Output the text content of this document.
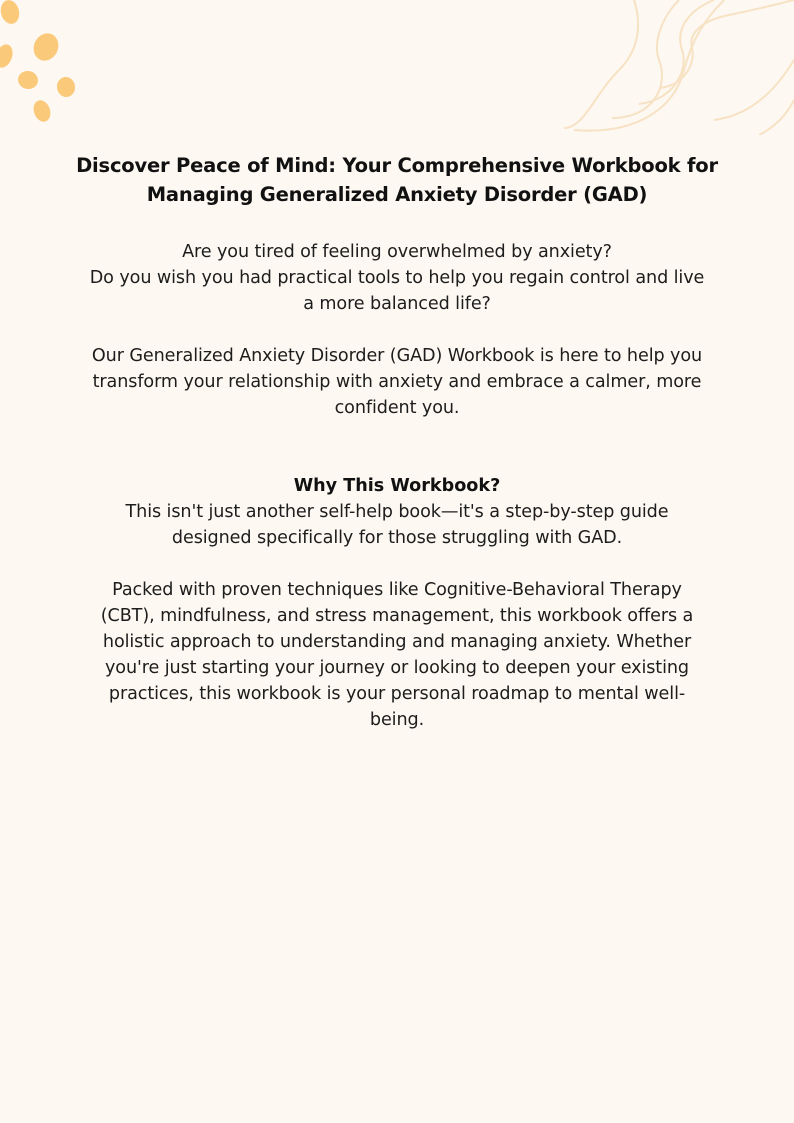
Discover Peace of Mind: Your Comprehensive Workbook for
Managing Generalized Anxiety Disorder (GAD)

Are you tired of feeling overwhelmed by anxiety?
Do you wish you had practical tools to help you regain control and live
a more balanced life?

Our Generalized Anxiety Disorder (GAD) Workbook is here to help you
transform your relationship with anxiety and embrace a calmer, more
confident you.

Why This Workbook?

This isn't just another self-help book—it's a step-by-step guide
designed specifically for those struggling with GAD.

Packed with proven techniques like Cognitive-Behavioral Therapy
(CBT), mindfulness, and stress management, this workbook offers a
holistic approach to understanding and managing anxiety. Whether
you're just starting your journey or looking to deepen your existing
practices, this workbook is your personal roadmap to mental well-
being.
